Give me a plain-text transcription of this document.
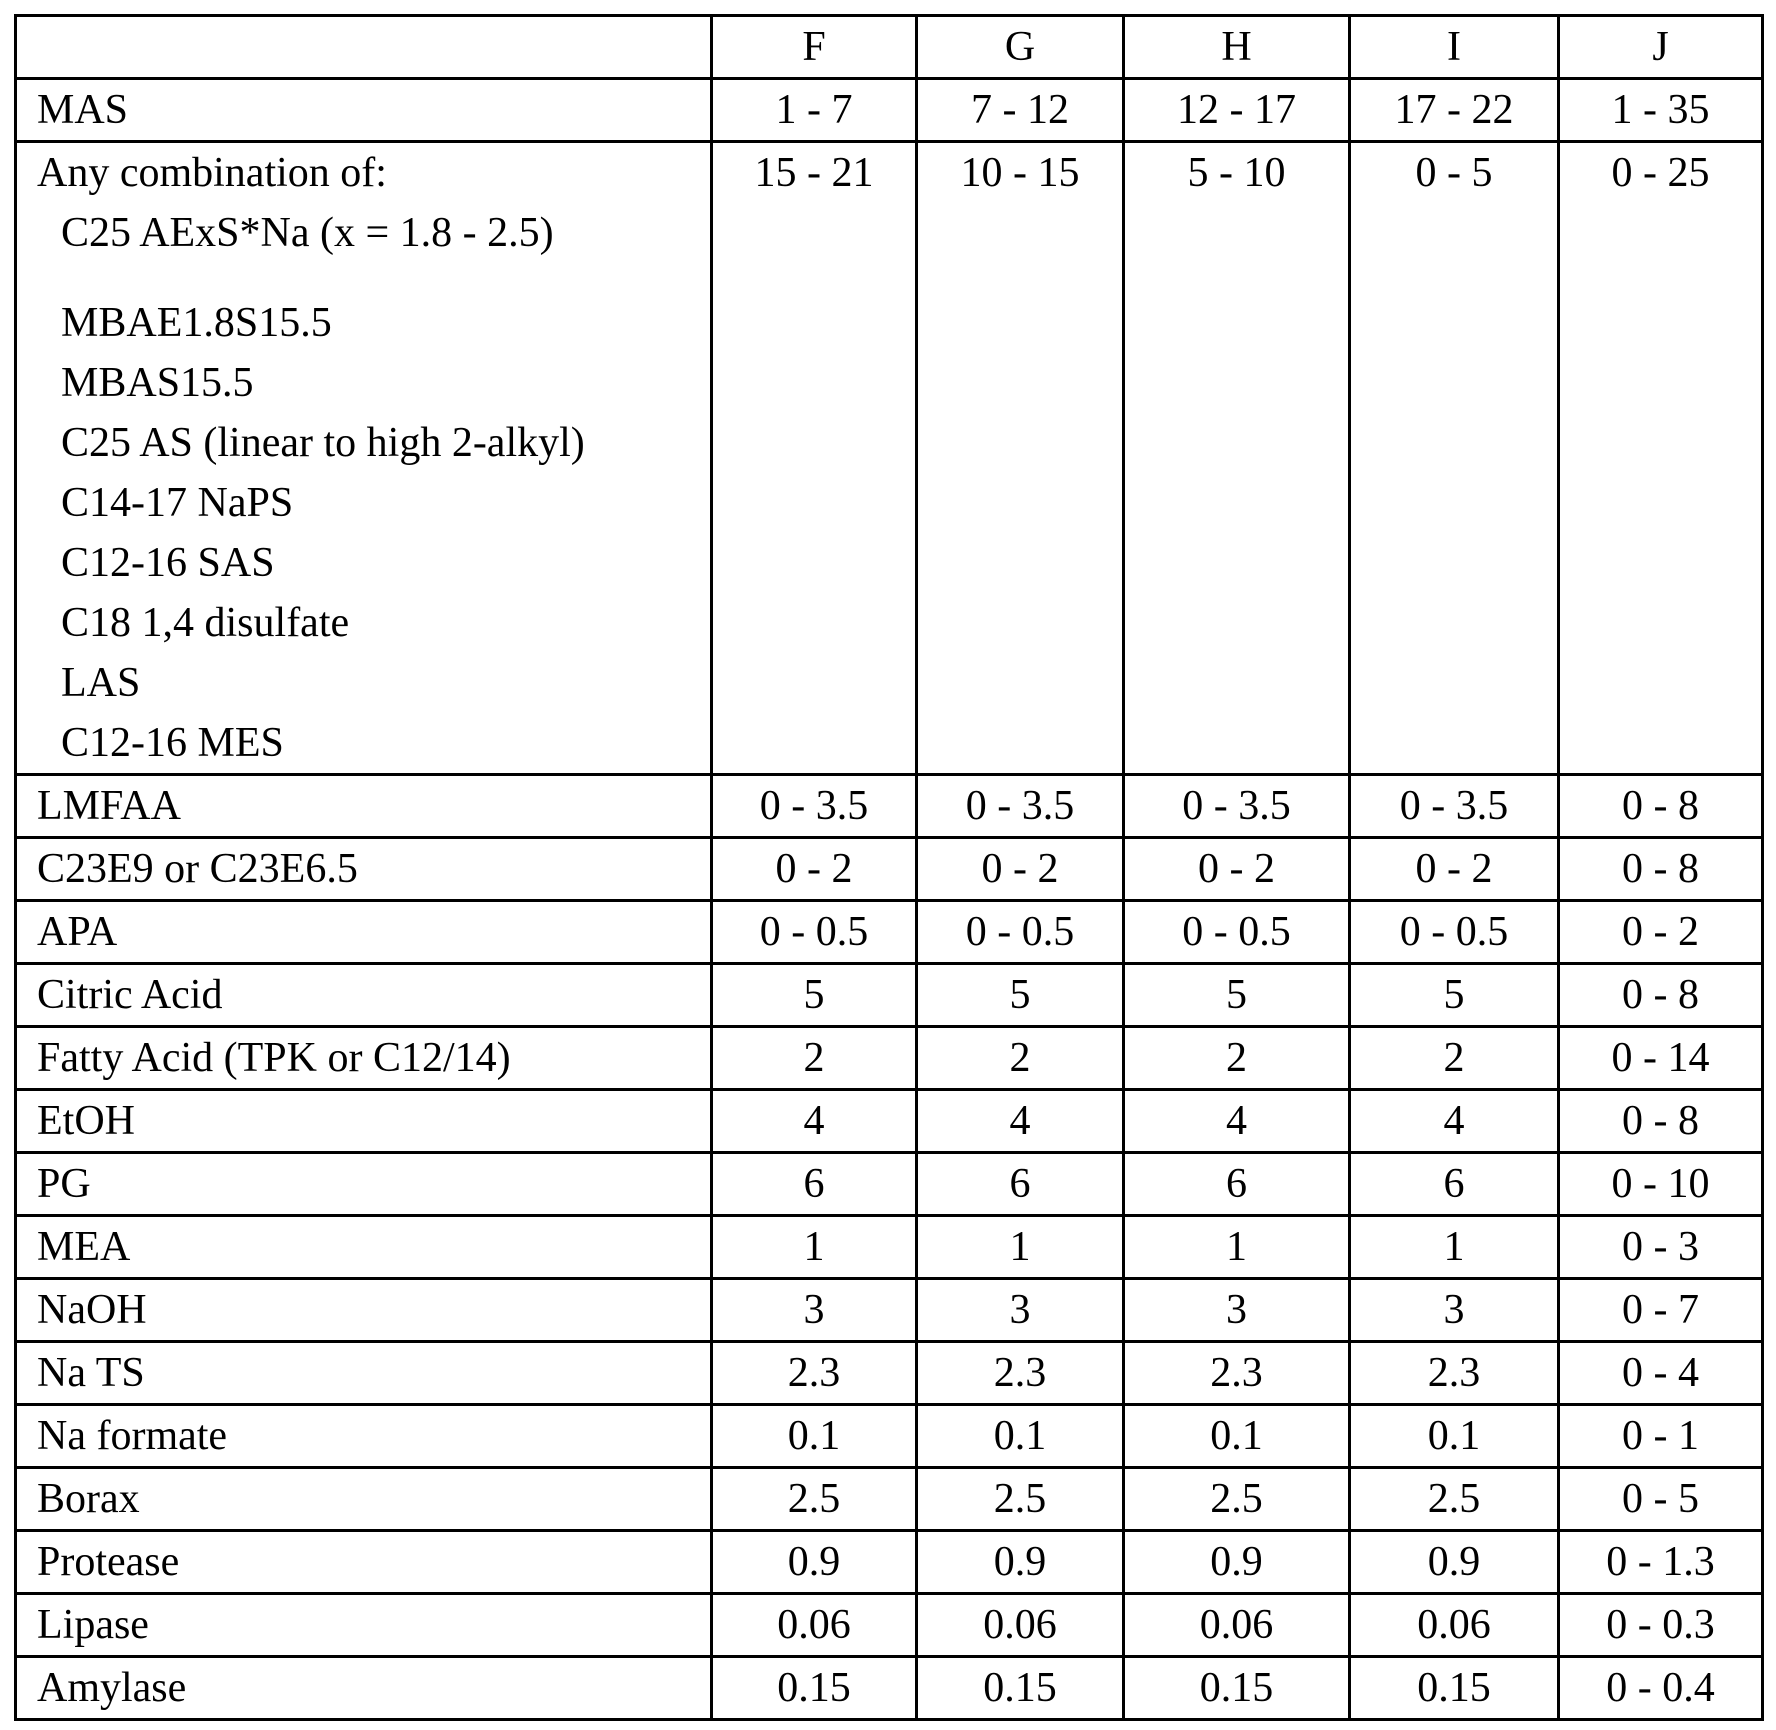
	F	G	H	I	J
MAS	1 - 7	7 - 12	12 - 17	17 - 22	1 - 35
Any combination of:
C25 AExS*Na (x = 1.8 - 2.5)
MBAE1.8S15.5
MBAS15.5
C25 AS (linear to high 2-alkyl)
C14-17 NaPS
C12-16 SAS
C18 1,4 disulfate
LAS
C12-16 MES
	15 - 21	10 - 15	5 - 10	0 - 5	0 - 25
LMFAA	0 - 3.5	0 - 3.5	0 - 3.5	0 - 3.5	0 - 8
C23E9 or C23E6.5	0 - 2	0 - 2	0 - 2	0 - 2	0 - 8
APA	0 - 0.5	0 - 0.5	0 - 0.5	0 - 0.5	0 - 2
Citric Acid	5	5	5	5	0 - 8
Fatty Acid (TPK or C12/14)	2	2	2	2	0 - 14
EtOH	4	4	4	4	0 - 8
PG	6	6	6	6	0 - 10
MEA	1	1	1	1	0 - 3
NaOH	3	3	3	3	0 - 7
Na TS	2.3	2.3	2.3	2.3	0 - 4
Na formate	0.1	0.1	0.1	0.1	0 - 1
Borax	2.5	2.5	2.5	2.5	0 - 5
Protease	0.9	0.9	0.9	0.9	0 - 1.3
Lipase	0.06	0.06	0.06	0.06	0 - 0.3
Amylase	0.15	0.15	0.15	0.15	0 - 0.4
